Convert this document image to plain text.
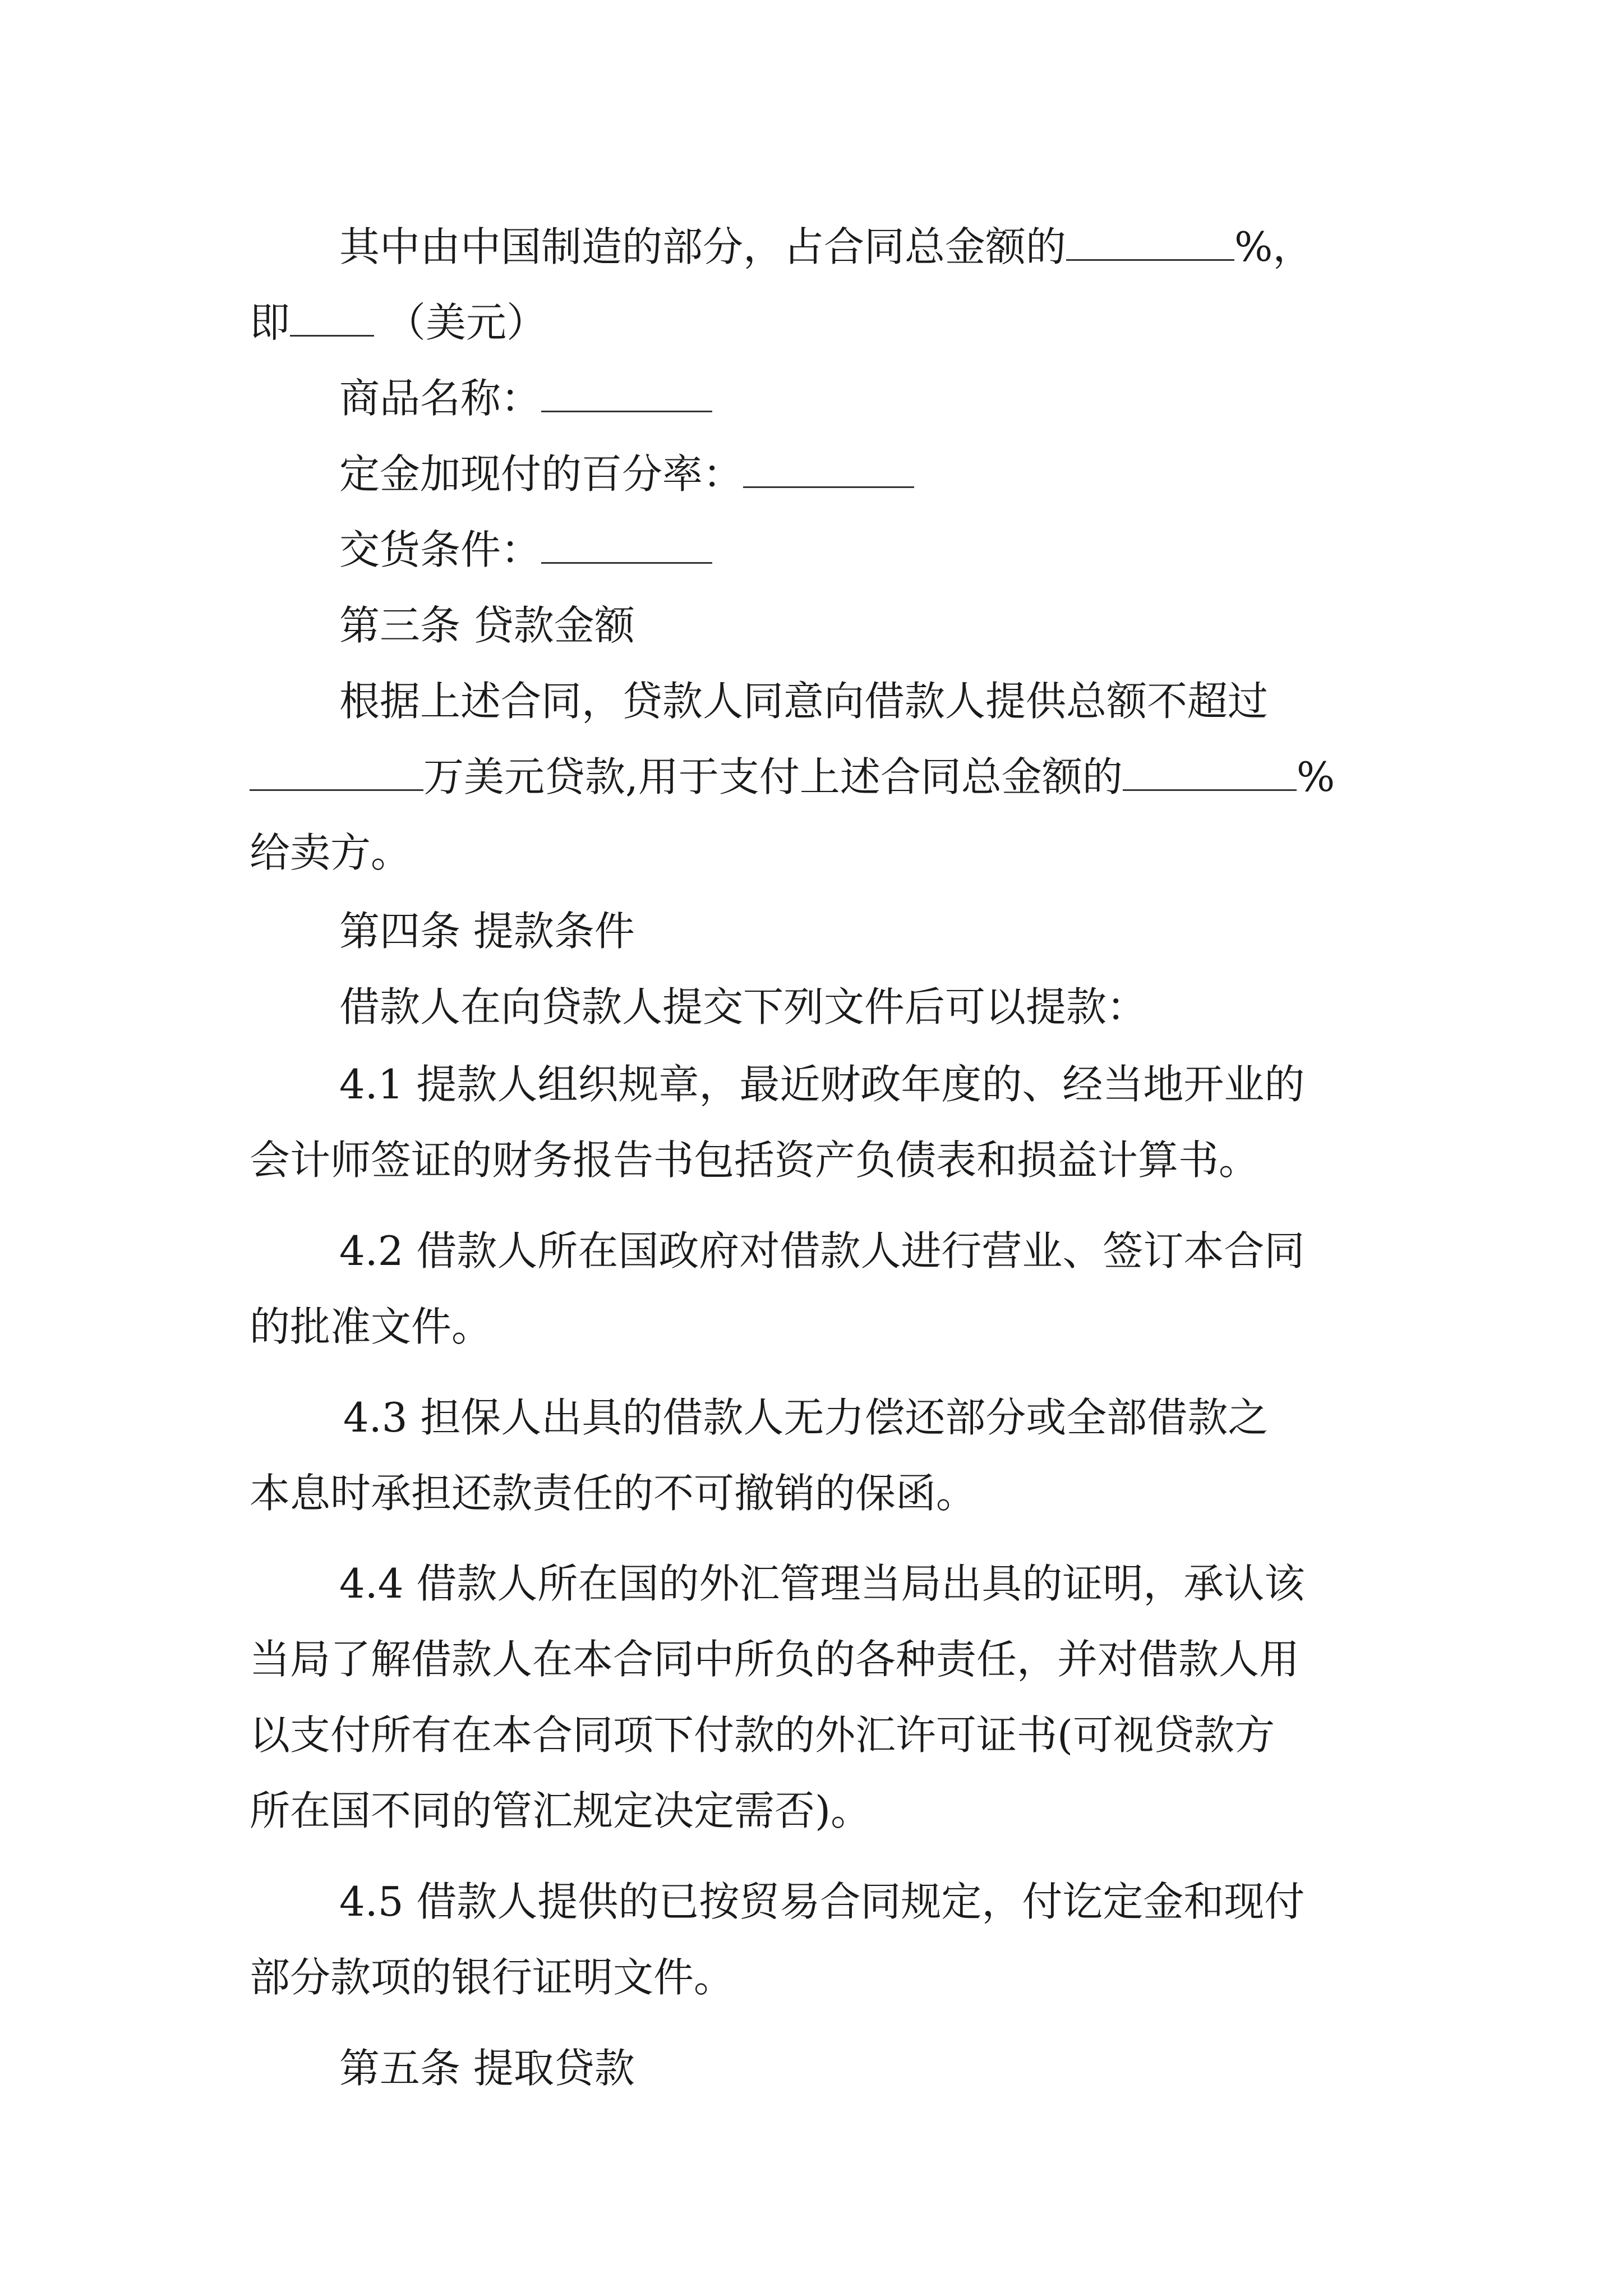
其中由中国制造的部分，占合同总金额的	%，
即 （美元）
商品名称：
定金加现付的百分率：
交货条件：
第三条 贷款金额
根据上述合同，贷款人同意向借款人提供总额不超过
万美元贷款,用于支付上述合同总金额的	%
给卖方。
第四条 提款条件
借款人在向贷款人提交下列文件后可以提款：
4.1 提款人组织规章，最近财政年度的、经当地开业的
会计师签证的财务报告书包括资产负债表和损益计算书。
4.2 借款人所在国政府对借款人进行营业、签订本合同
的批准文件。
4.3 担保人出具的借款人无力偿还部分或全部借款之
本息时承担还款责任的不可撤销的保函。
4.4 借款人所在国的外汇管理当局出具的证明，承认该
当局了解借款人在本合同中所负的各种责任，并对借款人用
以支付所有在本合同项下付款的外汇许可证书(可视贷款方
所在国不同的管汇规定决定需否)。
4.5 借款人提供的已按贸易合同规定，付讫定金和现付
部分款项的银行证明文件。
第五条 提取贷款
